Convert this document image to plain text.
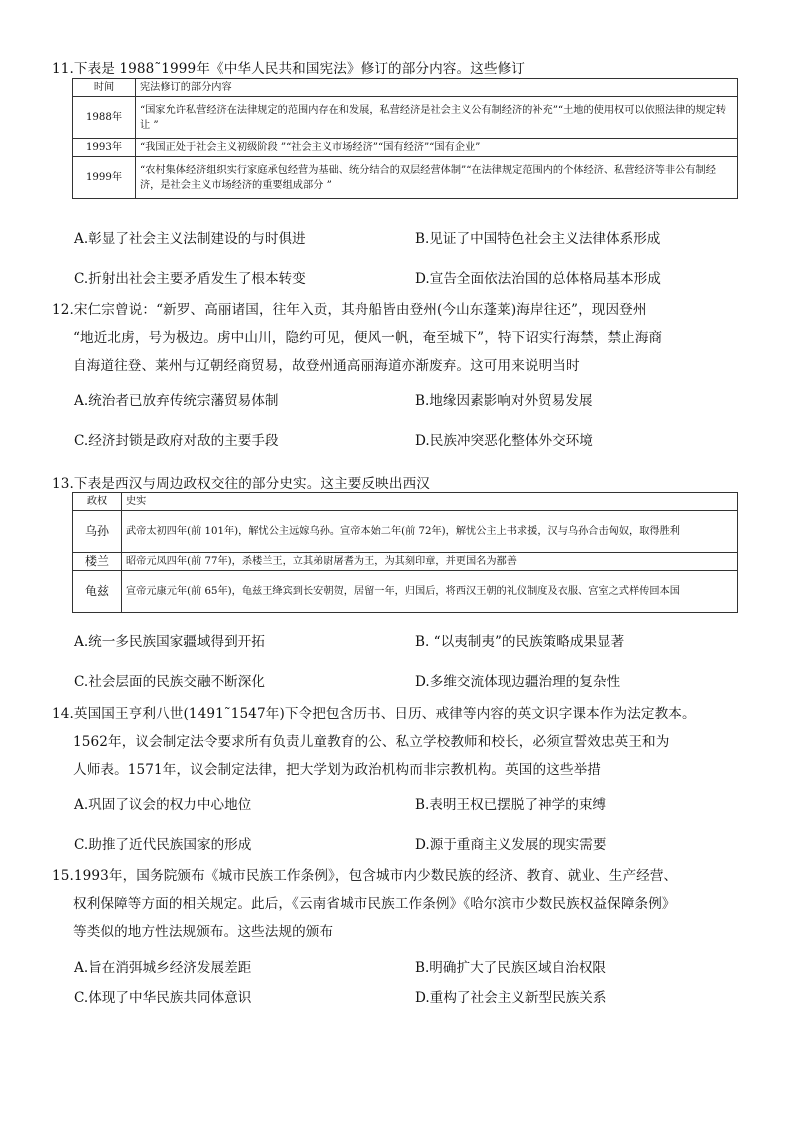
11.下表是 1988˜1999年《中华人民共和国宪法》修订的部分内容。这些修订
时间	宪法修订的部分内容
1988年	“国家允许私营经济在法律规定的范围内存在和发展，私营经济是社会主义公有制经济的补充”“土地的使用权可以依照法律的规定转让 ”
1993年	“我国正处于社会主义初级阶段 ”“社会主义市场经济”“国有经济”“国有企业”
1999年	“农村集体经济组织实行家庭承包经营为基础、统分结合的双层经营体制”“在法律规定范围内的个体经济、私营经济等非公有制经济，是社会主义市场经济的重要组成部分 ”
A.彰显了社会主义法制建设的与时俱进	B.见证了中国特色社会主义法律体系形成
C.折射出社会主要矛盾发生了根本转变	D.宣告全面依法治国的总体格局基本形成
12.宋仁宗曾说：“新罗、高丽诸国，往年入贡，其舟船皆由登州(今山东蓬莱)海岸往还”，现因登州
“地近北虏，号为极边。虏中山川，隐约可见，便风一帆，奄至城下”，特下诏实行海禁，禁止海商
自海道往登、莱州与辽朝经商贸易，故登州通高丽海道亦渐废弃。这可用来说明当时
A.统治者已放弃传统宗藩贸易体制	B.地缘因素影响对外贸易发展
C.经济封锁是政府对敌的主要手段	D.民族冲突恶化整体外交环境
13.下表是西汉与周边政权交往的部分史实。这主要反映出西汉
政权	史实
乌孙	武帝太初四年(前 101年)，解忧公主远嫁乌孙。宣帝本始二年(前 72年)，解忧公主上书求援，汉与乌孙合击匈奴，取得胜利
楼兰	昭帝元凤四年(前 77年)，杀楼兰王，立其弟尉屠耆为王，为其刻印章，并更国名为鄯善
龟兹	宣帝元康元年(前 65年)，龟兹王绛宾到长安朝贺，居留一年，归国后，将西汉王朝的礼仪制度及衣服、宫室之式样传回本国
A.统一多民族国家疆域得到开拓	B. “以夷制夷”的民族策略成果显著
C.社会层面的民族交融不断深化	D.多维交流体现边疆治理的复杂性
14.英国国王亨利八世(1491˜1547年)下令把包含历书、日历、戒律等内容的英文识字课本作为法定教本。
1562年，议会制定法令要求所有负责儿童教育的公、私立学校教师和校长，必须宣誓效忠英王和为
人师表。1571年，议会制定法律，把大学划为政治机构而非宗教机构。英国的这些举措
A.巩固了议会的权力中心地位	B.表明王权已摆脱了神学的束缚
C.助推了近代民族国家的形成	D.源于重商主义发展的现实需要
15.1993年，国务院颁布《城市民族工作条例》，包含城市内少数民族的经济、教育、就业、生产经营、
权利保障等方面的相关规定。此后，《云南省城市民族工作条例》《哈尔滨市少数民族权益保障条例》
等类似的地方性法规颁布。这些法规的颁布
A.旨在消弭城乡经济发展差距	B.明确扩大了民族区域自治权限
C.体现了中华民族共同体意识	D.重构了社会主义新型民族关系
